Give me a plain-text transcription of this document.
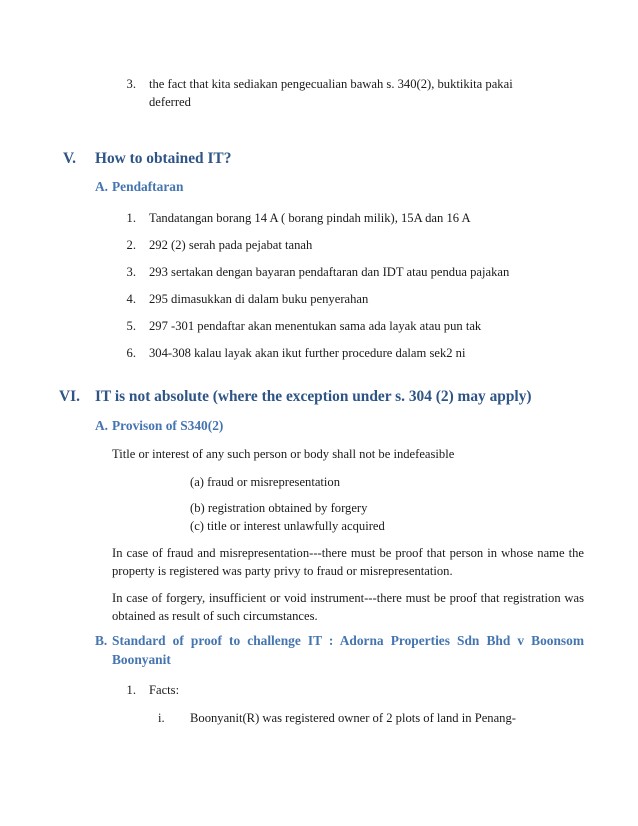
3. the fact that kita sediakan pengecualian bawah s. 340(2), buktikita pakai
deferred
V. How to obtained IT?
A. Pendaftaran
1. Tandatangan borang 14 A ( borang pindah milik), 15A dan 16 A
2. 292 (2) serah pada pejabat tanah
3. 293 sertakan dengan bayaran pendaftaran dan IDT atau pendua pajakan
4. 295 dimasukkan di dalam buku penyerahan
5. 297 -301 pendaftar akan menentukan sama ada layak atau pun tak
6. 304-308 kalau layak akan ikut further procedure dalam sek2 ni
VI. IT is not absolute (where the exception under s. 304 (2) may apply)
A. Provison of S340(2)
Title or interest of any such person or body shall not be indefeasible
(a) fraud or misrepresentation
(b) registration obtained by forgery
(c) title or interest unlawfully acquired
In case of fraud and misrepresentation---there must be proof that person in whose name the property is registered was party privy to fraud or misrepresentation.
In case of forgery, insufficient or void instrument---there must be proof that registration was obtained as result of such circumstances.
B. Standard of proof to challenge IT : Adorna Properties Sdn Bhd v Boonsom
Boonyanit
1. Facts:
i. Boonyanit(R) was registered owner of 2 plots of land in Penang-
